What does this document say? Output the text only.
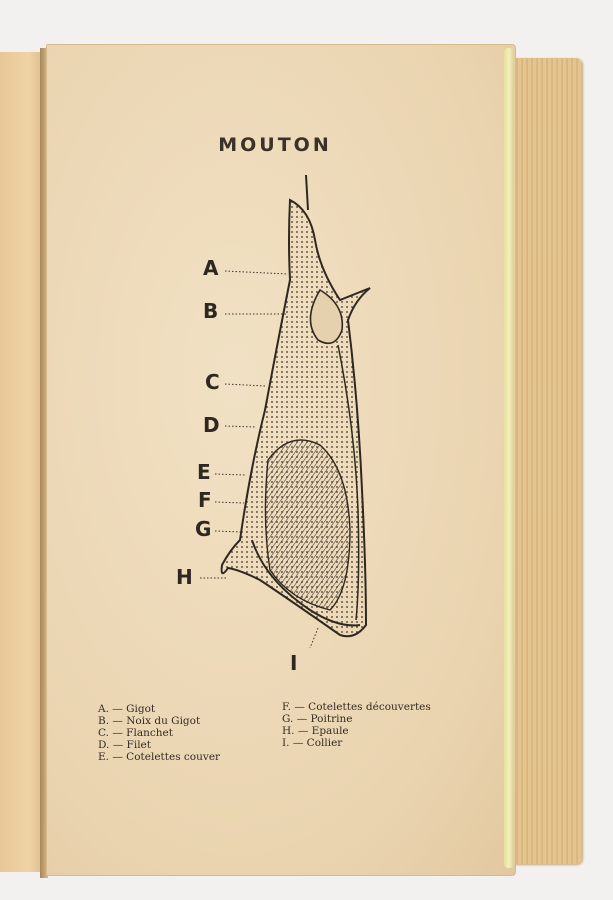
MOUTON
A
B
C
D
E
F
G
H
I
A. — Gigot
B. — Noix du Gigot
C. — Flanchet
D. — Filet
E. — Cotelettes couver
F. — Cotelettes découvertes
G. — Poitrine
H. — Epaule
I. — Collier
